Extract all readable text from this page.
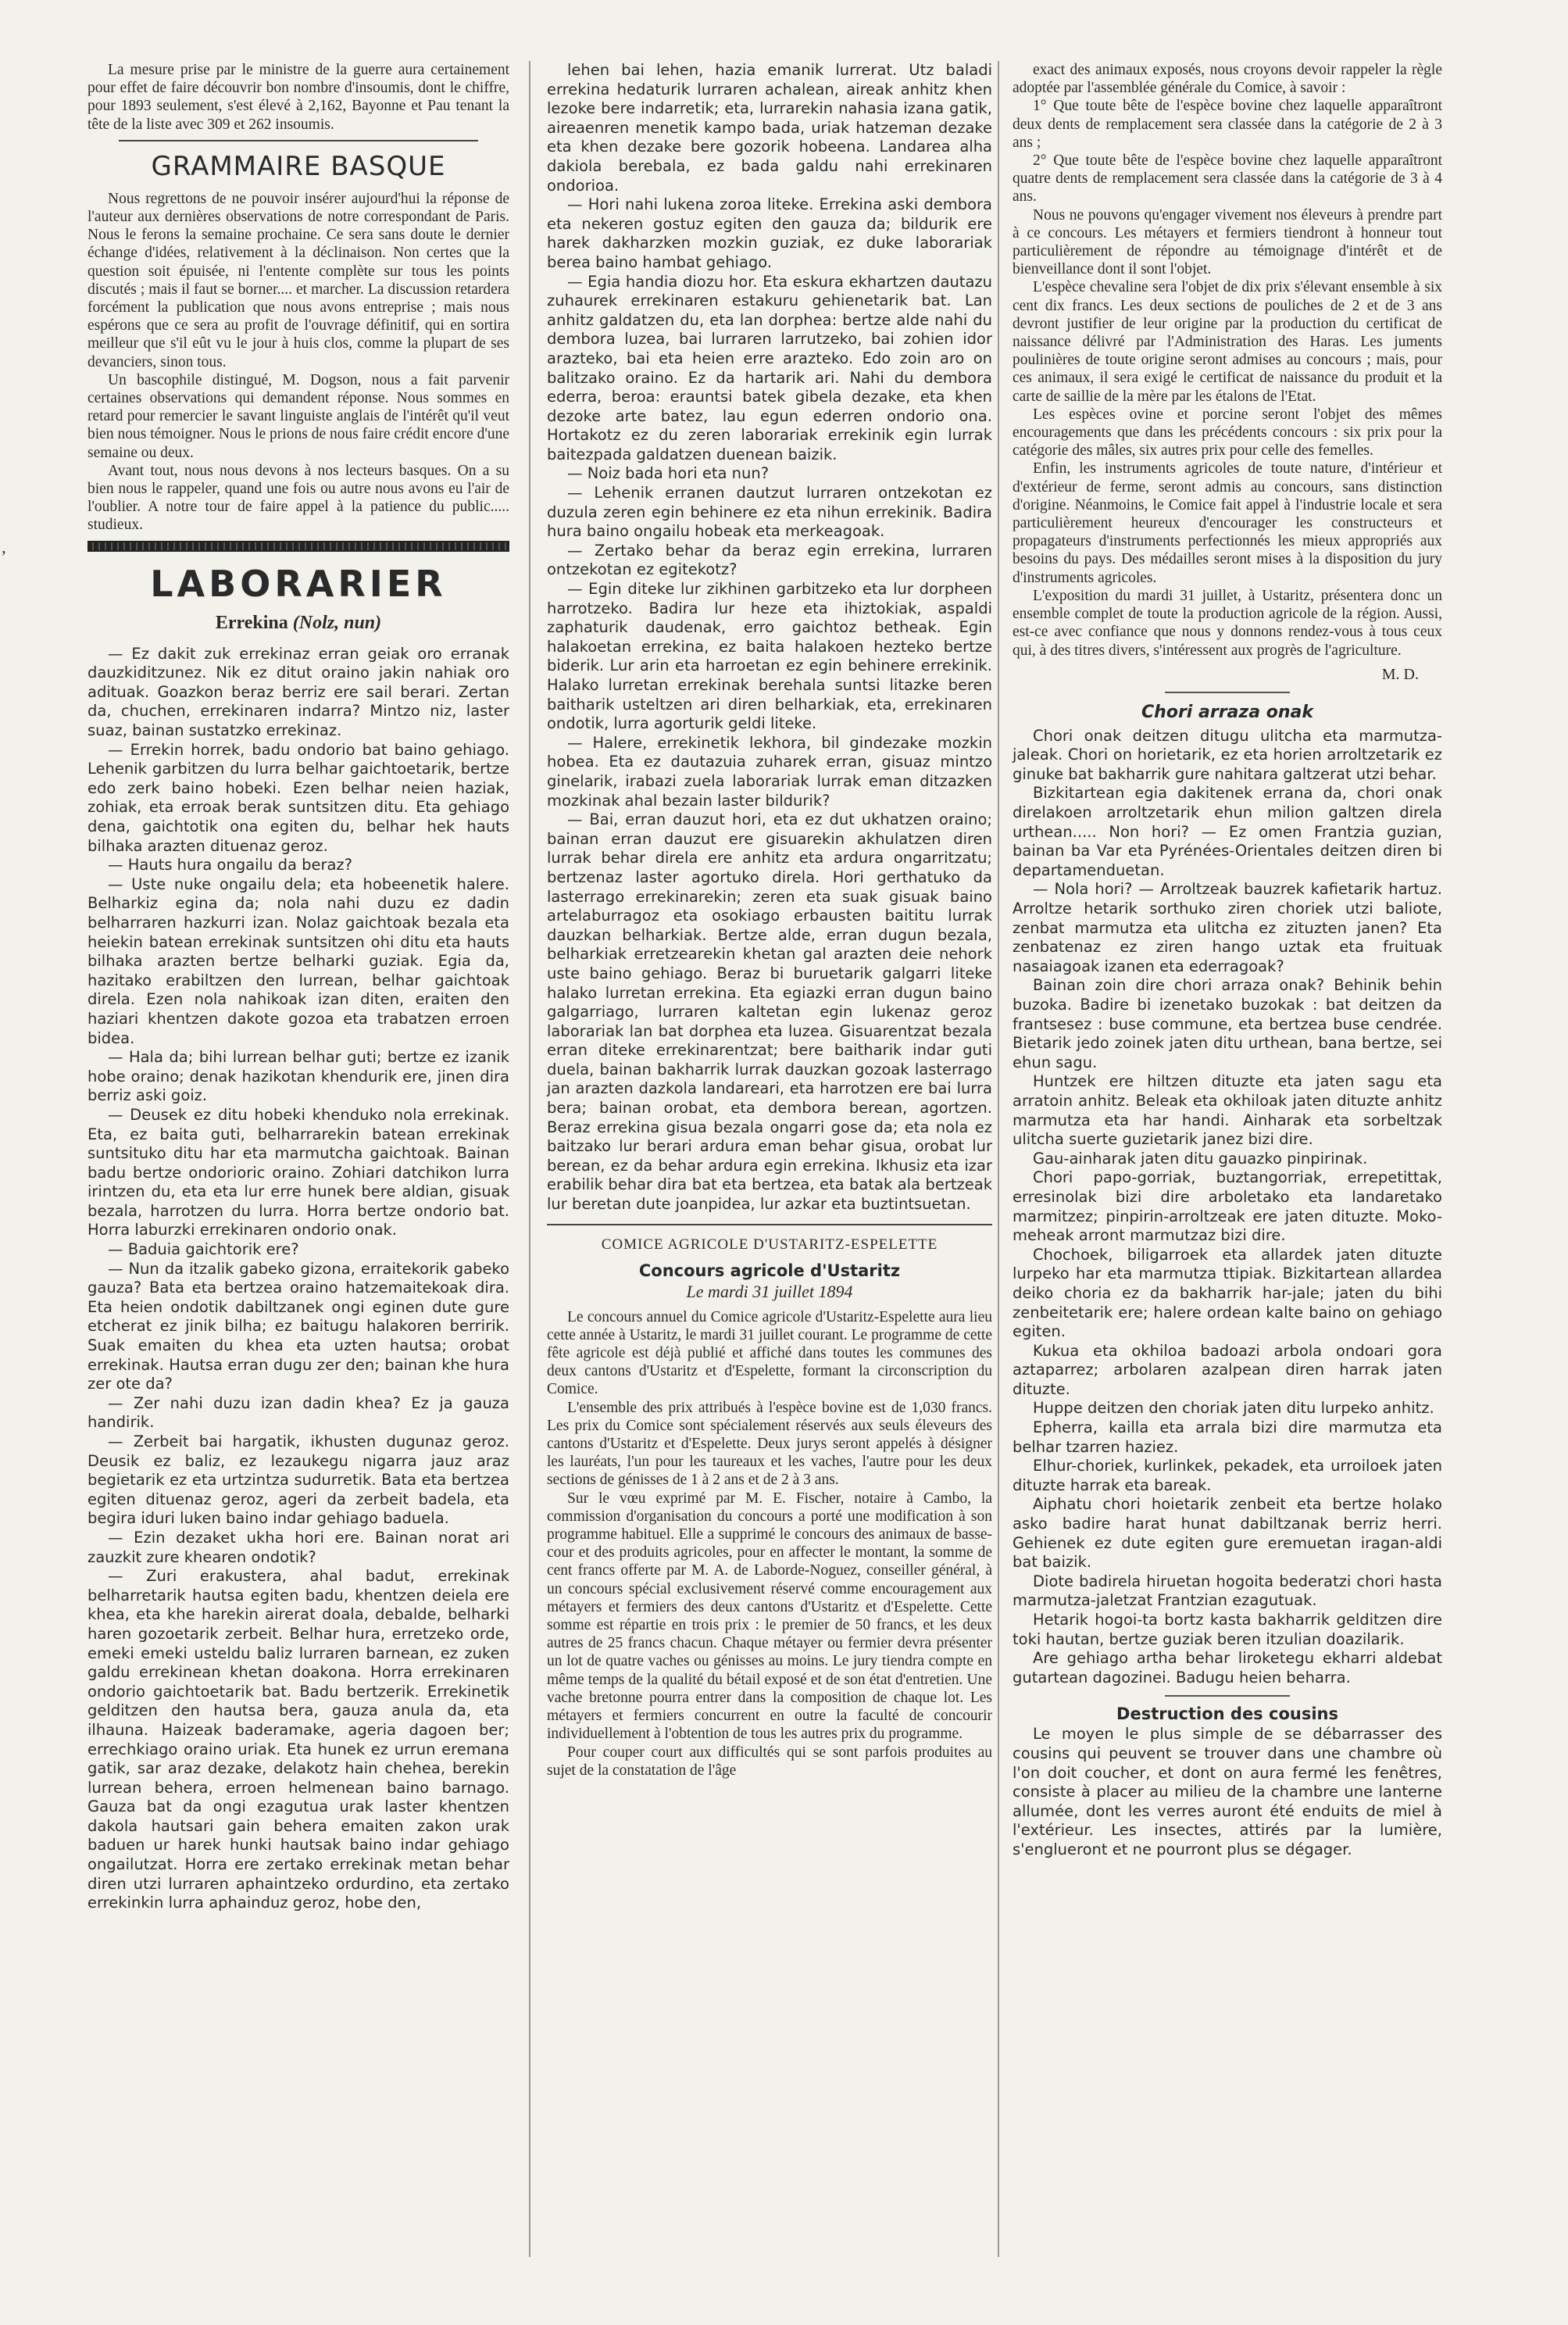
ʼ

La mesure prise par le ministre de la guerre aura certainement pour effet de faire découvrir bon nombre d'insoumis, dont le chiffre, pour 1893 seulement, s'est élevé à 2,162, Bayonne et Pau tenant la tête de la liste avec 309 et 262 insoumis.

GRAMMAIRE BASQUE

Nous regrettons de ne pouvoir insérer aujourd'hui la réponse de l'auteur aux dernières observations de notre correspondant de Paris. Nous le ferons la semaine prochaine. Ce sera sans doute le dernier échange d'idées, relativement à la déclinaison. Non certes que la question soit épuisée, ni l'entente complète sur tous les points discutés ; mais il faut se borner.... et marcher. La discussion retardera forcément la publication que nous avons entreprise ; mais nous espérons que ce sera au profit de l'ouvrage définitif, qui en sortira meilleur que s'il eût vu le jour à huis clos, comme la plupart de ses devanciers, sinon tous.

Un bascophile distingué, M. Dogson, nous a fait parvenir certaines observations qui demandent réponse. Nous sommes en retard pour remercier le savant linguiste anglais de l'intérêt qu'il veut bien nous témoigner. Nous le prions de nous faire crédit encore d'une semaine ou deux.

Avant tout, nous nous devons à nos lecteurs basques. On a su bien nous le rappeler, quand une fois ou autre nous avons eu l'air de l'oublier. A notre tour de faire appel à la patience du public..... studieux.

LABORARIER
Errekina (Nolz, nun)

— Ez dakit zuk errekinaz erran geiak oro erranak dauzkiditzunez. Nik ez ditut oraino jakin nahiak oro adituak. Goazkon beraz berriz ere sail berari. Zertan da, chuchen, errekinaren indarra? Mintzo niz, laster suaz, bainan sustatzko errekinaz.

— Errekin horrek, badu ondorio bat baino gehiago. Lehenik garbitzen du lurra belhar gaichtoetarik, bertze edo zerk baino hobeki. Ezen belhar neien haziak, zohiak, eta erroak berak suntsitzen ditu. Eta gehiago dena, gaichtotik ona egiten du, belhar hek hauts bilhaka arazten dituenaz geroz.

— Hauts hura ongailu da beraz?

— Uste nuke ongailu dela; eta hobeenetik halere. Belharkiz egina da; nola nahi duzu ez dadin belharraren hazkurri izan. Nolaz gaichtoak bezala eta heiekin batean errekinak suntsitzen ohi ditu eta hauts bilhaka arazten bertze belharki guziak. Egia da, hazitako erabiltzen den lurrean, belhar gaichtoak direla. Ezen nola nahikoak izan diten, eraiten den haziari khentzen dakote gozoa eta trabatzen erroen bidea.

— Hala da; bihi lurrean belhar guti; bertze ez izanik hobe oraino; denak hazikotan khendurik ere, jinen dira berriz aski goiz.

— Deusek ez ditu hobeki khenduko nola errekinak. Eta, ez baita guti, belharrarekin batean errekinak suntsituko ditu har eta marmutcha gaichtoak. Bainan badu bertze ondorioric oraino. Zohiari datchikon lurra irintzen du, eta eta lur erre hunek bere aldian, gisuak bezala, harrotzen du lurra. Horra bertze ondorio bat. Horra laburzki errekinaren ondorio onak.

— Baduia gaichtorik ere?

— Nun da itzalik gabeko gizona, erraitekorik gabeko gauza? Bata eta bertzea oraino hatzemaitekoak dira. Eta heien ondotik dabiltzanek ongi eginen dute gure etcherat ez jinik bilha; ez baitugu halakoren berririk. Suak emaiten du khea eta uzten hautsa; orobat errekinak. Hautsa erran dugu zer den; bainan khe hura zer ote da?

— Zer nahi duzu izan dadin khea? Ez ja gauza handirik.

— Zerbeit bai hargatik, ikhusten dugunaz geroz. Deusik ez baliz, ez lezaukegu nigarra jauz araz begietarik ez eta urtzintza sudurretik. Bata eta bertzea egiten dituenaz geroz, ageri da zerbeit badela, eta begira iduri luken baino indar gehiago baduela.

— Ezin dezaket ukha hori ere. Bainan norat ari zauzkit zure khearen ondotik?

— Zuri erakustera, ahal badut, errekinak belharretarik hautsa egiten badu, khentzen deiela ere khea, eta khe harekin airerat doala, debalde, belharki haren gozoetarik zerbeit. Belhar hura, erretzeko orde, emeki emeki usteldu baliz lurraren barnean, ez zuken galdu errekinean khetan doakona. Horra errekinaren ondorio gaichtoetarik bat. Badu bertzerik. Errekinetik gelditzen den hautsa bera, gauza anula da, eta ilhauna. Haizeak baderamake, ageria dagoen ber; errechkiago oraino uriak. Eta hunek ez urrun eremana gatik, sar araz dezake, delakotz hain chehea, berekin lurrean behera, erroen helmenean baino barnago. Gauza bat da ongi ezagutua urak laster khentzen dakola hautsari gain behera emaiten zakon urak baduen ur harek hunki hautsak baino indar gehiago ongailutzat. Horra ere zertako errekinak metan behar diren utzi lurraren aphaintzeko ordurdino, eta zertako errekinkin lurra aphainduz geroz, hobe den,

lehen bai lehen, hazia emanik lurrerat. Utz baladi errekina hedaturik lurraren achalean, aireak anhitz khen lezoke bere indarretik; eta, lurrarekin nahasia izana gatik, aireaenren menetik kampo bada, uriak hatzeman dezake eta khen dezake bere gozorik hobeena. Landarea alha dakiola berebala, ez bada galdu nahi errekinaren ondorioa.

— Hori nahi lukena zoroa liteke. Errekina aski dembora eta nekeren gostuz egiten den gauza da; bildurik ere harek dakharzken mozkin guziak, ez duke laborariak berea baino hambat gehiago.

— Egia handia diozu hor. Eta eskura ekhartzen dautazu zuhaurek errekinaren estakuru gehienetarik bat. Lan anhitz galdatzen du, eta lan dorphea: bertze alde nahi du dembora luzea, bai lurraren larrutzeko, bai zohien idor arazteko, bai eta heien erre arazteko. Edo zoin aro on balitzako oraino. Ez da hartarik ari. Nahi du dembora ederra, beroa: erauntsi batek gibela dezake, eta khen dezoke arte batez, lau egun ederren ondorio ona. Hortakotz ez du zeren laborariak errekinik egin lurrak baitezpada galdatzen duenean baizik.

— Noiz bada hori eta nun?

— Lehenik erranen dautzut lurraren ontzekotan ez duzula zeren egin behinere ez eta nihun errekinik. Badira hura baino ongailu hobeak eta merkeagoak.

— Zertako behar da beraz egin errekina, lurraren ontzekotan ez egitekotz?

— Egin diteke lur zikhinen garbitzeko eta lur dorpheen harrotzeko. Badira lur heze eta ihiztokiak, aspaldi zaphaturik daudenak, erro gaichtoz betheak. Egin halakoetan errekina, ez baita halakoen hezteko bertze biderik. Lur arin eta harroetan ez egin behinere errekinik. Halako lurretan errekinak berehala suntsi litazke beren baitharik usteltzen ari diren belharkiak, eta, errekinaren ondotik, lurra agorturik geldi liteke.

— Halere, errekinetik lekhora, bil gindezake mozkin hobea. Eta ez dautazuia zuharek erran, gisuaz mintzo ginelarik, irabazi zuela laborariak lurrak eman ditzazken mozkinak ahal bezain laster bildurik?

— Bai, erran dauzut hori, eta ez dut ukhatzen oraino; bainan erran dauzut ere gisuarekin akhulatzen diren lurrak behar direla ere anhitz eta ardura ongarritzatu; bertzenaz laster agortuko direla. Hori gerthatuko da lasterrago errekinarekin; zeren eta suak gisuak baino artelaburragoz eta osokiago erbausten baititu lurrak dauzkan belharkiak. Bertze alde, erran dugun bezala, belharkiak erretzearekin khetan gal arazten deie nehork uste baino gehiago. Beraz bi buruetarik galgarri liteke halako lurretan errekina. Eta egiazki erran dugun baino galgarriago, lurraren kaltetan egin lukenaz geroz laborariak lan bat dorphea eta luzea. Gisuarentzat bezala erran diteke errekinarentzat; bere baitharik indar guti duela, bainan bakharrik lurrak dauzkan gozoak lasterrago jan arazten dazkola landareari, eta harrotzen ere bai lurra bera; bainan orobat, eta dembora berean, agortzen. Beraz errekina gisua bezala ongarri gose da; eta nola ez baitzako lur berari ardura eman behar gisua, orobat lur berean, ez da behar ardura egin errekina. Ikhusiz eta izar erabilik behar dira bat eta bertzea, eta batak ala bertzeak lur beretan dute joanpidea, lur azkar eta buztintsuetan.

COMICE AGRICOLE D'USTARITZ-ESPELETTE
Concours agricole d'Ustaritz
Le mardi 31 juillet 1894

Le concours annuel du Comice agricole d'Ustaritz-Espelette aura lieu cette année à Ustaritz, le mardi 31 juillet courant. Le programme de cette fête agricole est déjà publié et affiché dans toutes les communes des deux cantons d'Ustaritz et d'Espelette, formant la circonscription du Comice.

L'ensemble des prix attribués à l'espèce bovine est de 1,030 francs. Les prix du Comice sont spécialement réservés aux seuls éleveurs des cantons d'Ustaritz et d'Espelette. Deux jurys seront appelés à désigner les lauréats, l'un pour les taureaux et les vaches, l'autre pour les deux sections de génisses de 1 à 2 ans et de 2 à 3 ans.

Sur le vœu exprimé par M. E. Fischer, notaire à Cambo, la commission d'organisation du concours a porté une modification à son programme habituel. Elle a supprimé le concours des animaux de basse-cour et des produits agricoles, pour en affecter le montant, la somme de cent francs offerte par M. A. de Laborde-Noguez, conseiller général, à un concours spécial exclusivement réservé comme encouragement aux métayers et fermiers des deux cantons d'Ustaritz et d'Espelette. Cette somme est répartie en trois prix : le premier de 50 francs, et les deux autres de 25 francs chacun. Chaque métayer ou fermier devra présenter un lot de quatre vaches ou génisses au moins. Le jury tiendra compte en même temps de la qualité du bétail exposé et de son état d'entretien. Une vache bretonne pourra entrer dans la composition de chaque lot. Les métayers et fermiers concurrent en outre la faculté de concourir individuellement à l'obtention de tous les autres prix du programme.

Pour couper court aux difficultés qui se sont parfois produites au sujet de la constatation de l'âge

exact des animaux exposés, nous croyons devoir rappeler la règle adoptée par l'assemblée générale du Comice, à savoir :

1° Que toute bête de l'espèce bovine chez laquelle apparaîtront deux dents de remplacement sera classée dans la catégorie de 2 à 3 ans ;

2° Que toute bête de l'espèce bovine chez laquelle apparaîtront quatre dents de remplacement sera classée dans la catégorie de 3 à 4 ans.

Nous ne pouvons qu'engager vivement nos éleveurs à prendre part à ce concours. Les métayers et fermiers tiendront à honneur tout particulièrement de répondre au témoignage d'intérêt et de bienveillance dont il sont l'objet.

L'espèce chevaline sera l'objet de dix prix s'élevant ensemble à six cent dix francs. Les deux sections de pouliches de 2 et de 3 ans devront justifier de leur origine par la production du certificat de naissance délivré par l'Administration des Haras. Les juments poulinières de toute origine seront admises au concours ; mais, pour ces animaux, il sera exigé le certificat de naissance du produit et la carte de saillie de la mère par les étalons de l'Etat.

Les espèces ovine et porcine seront l'objet des mêmes encouragements que dans les précédents concours : six prix pour la catégorie des mâles, six autres prix pour celle des femelles.

Enfin, les instruments agricoles de toute nature, d'intérieur et d'extérieur de ferme, seront admis au concours, sans distinction d'origine. Néanmoins, le Comice fait appel à l'industrie locale et sera particulièrement heureux d'encourager les constructeurs et propagateurs d'instruments perfectionnés les mieux appropriés aux besoins du pays. Des médailles seront mises à la disposition du jury d'instruments agricoles.

L'exposition du mardi 31 juillet, à Ustaritz, présentera donc un ensemble complet de toute la production agricole de la région. Aussi, est-ce avec confiance que nous y donnons rendez-vous à tous ceux qui, à des titres divers, s'intéressent aux progrès de l'agriculture.

M. D.
Chori arraza onak

Chori onak deitzen ditugu ulitcha eta marmutza-jaleak. Chori on horietarik, ez eta horien arroltzetarik ez ginuke bat bakharrik gure nahitara galtzerat utzi behar.

Bizkitartean egia dakitenek errana da, chori onak direlakoen arroltzetarik ehun milion galtzen direla urthean..... Non hori? — Ez omen Frantzia guzian, bainan ba Var eta Pyrénées-Orientales deitzen diren bi departamenduetan.

— Nola hori? — Arroltzeak bauzrek kafietarik hartuz. Arroltze hetarik sorthuko ziren choriek utzi baliote, zenbat marmutza eta ulitcha ez zituzten janen? Eta zenbatenaz ez ziren hango uztak eta fruituak nasaiagoak izanen eta ederragoak?

Bainan zoin dire chori arraza onak? Behinik behin buzoka. Badire bi izenetako buzokak : bat deitzen da frantsesez : buse commune, eta bertzea buse cendrée. Bietarik jedo zoinek jaten ditu urthean, bana bertze, sei ehun sagu.

Huntzek ere hiltzen dituzte eta jaten sagu eta arratoin anhitz. Beleak eta okhiloak jaten dituzte anhitz marmutza eta har handi. Ainharak eta sorbeltzak ulitcha suerte guzietarik janez bizi dire.

Gau-ainharak jaten ditu gauazko pinpirinak.

Chori papo-gorriak, buztangorriak, errepetittak, erresinolak bizi dire arboletako eta landaretako marmitzez; pinpirin-arroltzeak ere jaten dituzte. Moko-meheak arront marmutzaz bizi dire.

Chochoek, biligarroek eta allardek jaten dituzte lurpeko har eta marmutza ttipiak. Bizkitartean allardea deiko choria ez da bakharrik har-jale; jaten du bihi zenbeitetarik ere; halere ordean kalte baino on gehiago egiten.

Kukua eta okhiloa badoazi arbola ondoari gora aztaparrez; arbolaren azalpean diren harrak jaten dituzte.

Huppe deitzen den choriak jaten ditu lurpeko anhitz.

Epherra, kailla eta arrala bizi dire marmutza eta belhar tzarren haziez.

Elhur-choriek, kurlinkek, pekadek, eta urroiloek jaten dituzte harrak eta bareak.

Aiphatu chori hoietarik zenbeit eta bertze holako asko badire harat hunat dabiltzanak berriz herri. Gehienek ez dute egiten gure eremuetan iragan-aldi bat baizik.

Diote badirela hiruetan hogoita bederatzi chori hasta marmutza-jaletzat Frantzian ezagutuak.

Hetarik hogoi-ta bortz kasta bakharrik gelditzen dire toki hautan, bertze guziak beren itzulian doazilarik.

Are gehiago artha behar liroketegu ekharri aldebat gutartean dagozinei. Badugu heien beharra.

Destruction des cousins

Le moyen le plus simple de se débarrasser des cousins qui peuvent se trouver dans une chambre où l'on doit coucher, et dont on aura fermé les fenêtres, consiste à placer au milieu de la chambre une lanterne allumée, dont les verres auront été enduits de miel à l'extérieur. Les insectes, attirés par la lumière, s'englueront et ne pourront plus se dégager.
